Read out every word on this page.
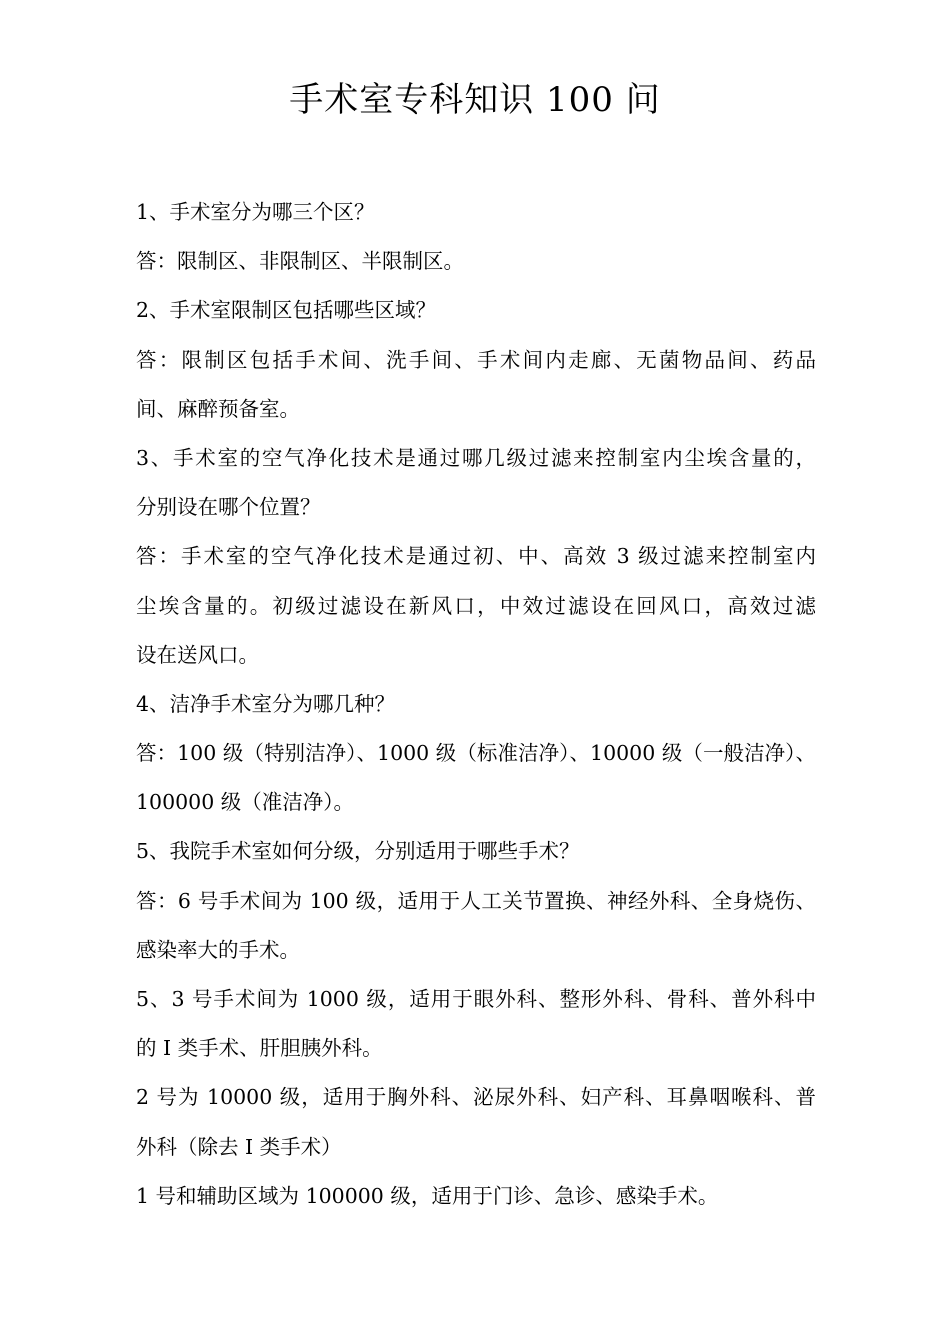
手术室专科知识 100 问
1、手术室分为哪三个区？
答：限制区、非限制区、半限制区。
2、手术室限制区包括哪些区域？
答：限制区包括手术间、洗手间、手术间内走廊、无菌物品间、药品
间、麻醉预备室。
3、手术室的空气净化技术是通过哪几级过滤来控制室内尘埃含量的，
分别设在哪个位置？
答：手术室的空气净化技术是通过初、中、高效 3 级过滤来控制室内
尘埃含量的。初级过滤设在新风口，中效过滤设在回风口，高效过滤
设在送风口。
4、洁净手术室分为哪几种？
答：100 级（特别洁净）、1000 级（标准洁净）、10000 级（一般洁净）、
100000 级（准洁净）。
5、我院手术室如何分级，分别适用于哪些手术？
答：6 号手术间为 100 级，适用于人工关节置换、神经外科、全身烧伤、
感染率大的手术。
5、3 号手术间为 1000 级，适用于眼外科、整形外科、骨科、普外科中
的 I 类手术、肝胆胰外科。
2 号为 10000 级，适用于胸外科、泌尿外科、妇产科、耳鼻咽喉科、普
外科（除去 I 类手术）
1 号和辅助区域为 100000 级，适用于门诊、急诊、感染手术。
